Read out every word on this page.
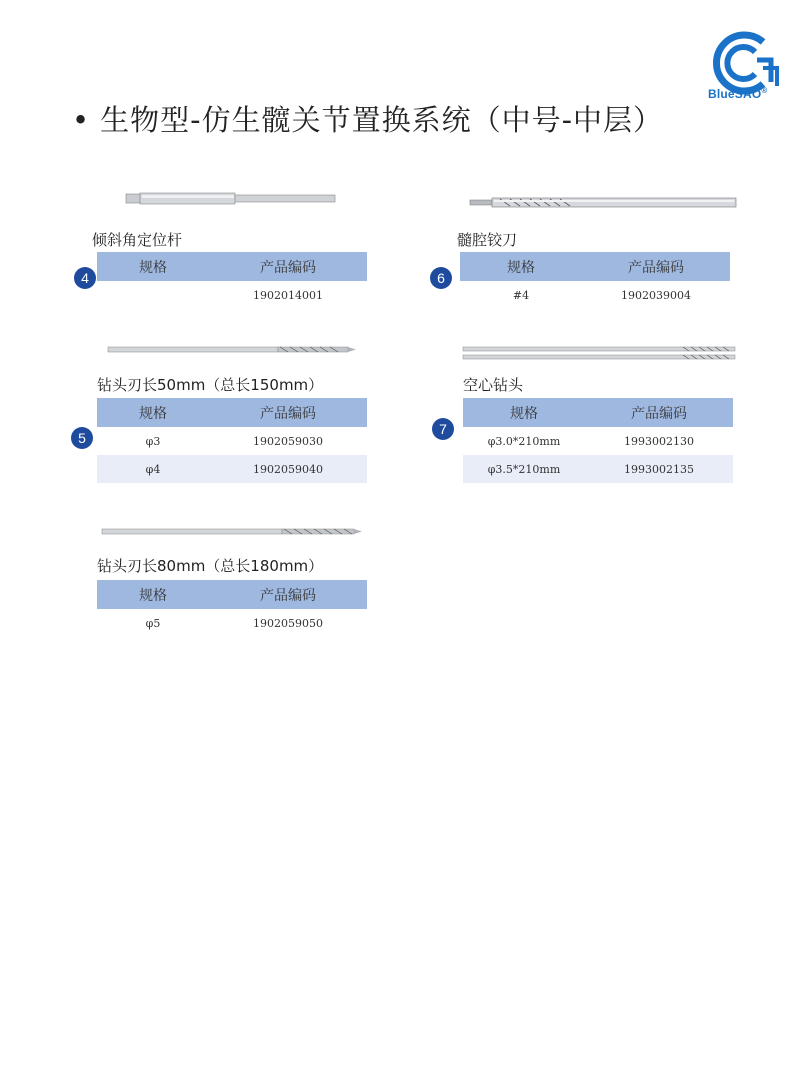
BlueSAO®
• 生物型-仿生髋关节置换系统（中号-中层）
倾斜角定位杆
4
规格	产品编码
	1902014001
髓腔铰刀
6
规格	产品编码
#4	1902039004
钻头刃长50mm（总长150mm）
5
规格	产品编码
φ3	1902059030
φ4	1902059040
空心钻头
7
规格	产品编码
φ3.0*210mm	1993002130
φ3.5*210mm	1993002135
钻头刃长80mm（总长180mm）
规格	产品编码
φ5	1902059050
